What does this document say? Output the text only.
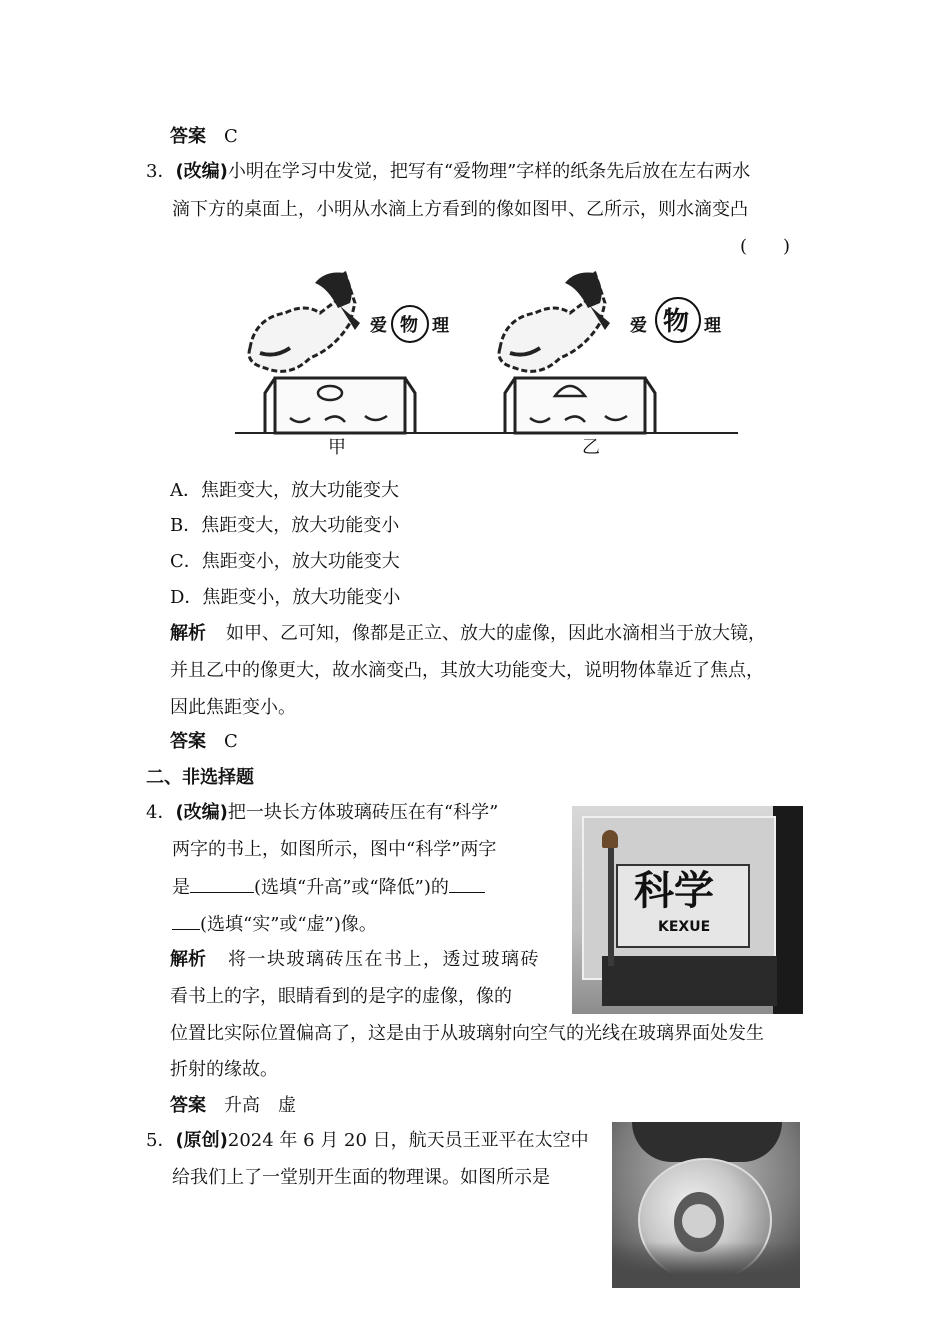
答案 C
3．(改编)小明在学习中发觉，把写有“爱物理”字样的纸条先后放在左右两水
滴下方的桌面上，小明从水滴上方看到的像如图甲、乙所示，则水滴变凸
(　　)
爱 物 理
甲
爱 物 理
乙
A．焦距变大，放大功能变大
B．焦距变大，放大功能变小
C．焦距变小，放大功能变大
D．焦距变小，放大功能变小
解析 如甲、乙可知，像都是正立、放大的虚像，因此水滴相当于放大镜，
并且乙中的像更大，故水滴变凸，其放大功能变大，说明物体靠近了焦点，
因此焦距变小。
答案 C
二、非选择题
4．(改编)把一块长方体玻璃砖压在有“科学”
两字的书上，如图所示，图中“科学”两字
是	(选填“升高”或“降低”)的
(选填“实”或“虚”)像。
科学
KEXUE
解析 将一块玻璃砖压在书上，透过玻璃砖
看书上的字，眼睛看到的是字的虚像，像的
位置比实际位置偏高了，这是由于从玻璃射向空气的光线在玻璃界面处发生
折射的缘故。
答案 升高　虚
5．(原创)2024 年 6 月 20 日，航天员王亚平在太空中
给我们上了一堂别开生面的物理课。如图所示是
